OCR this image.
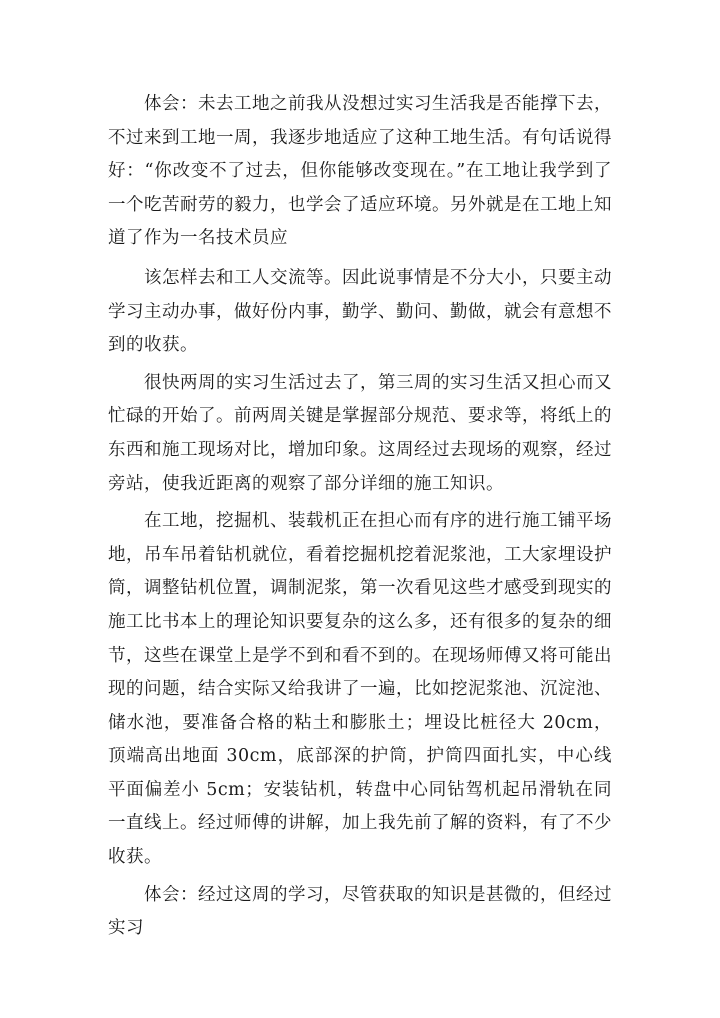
体会：未去工地之前我从没想过实习生活我是否能撑下去，不过来到工地一周，我逐步地适应了这种工地生活。有句话说得好：“你改变不了过去，但你能够改变现在。”在工地让我学到了一个吃苦耐劳的毅力，也学会了适应环境。另外就是在工地上知道了作为一名技术员应

该怎样去和工人交流等。因此说事情是不分大小，只要主动学习主动办事，做好份内事，勤学、勤问、勤做，就会有意想不到的收获。

很快两周的实习生活过去了，第三周的实习生活又担心而又忙碌的开始了。前两周关键是掌握部分规范、要求等，将纸上的东西和施工现场对比，增加印象。这周经过去现场的观察，经过旁站，使我近距离的观察了部分详细的施工知识。

在工地，挖掘机、装载机正在担心而有序的进行施工铺平场地，吊车吊着钻机就位，看着挖掘机挖着泥浆池，工大家埋设护筒，调整钻机位置，调制泥浆，第一次看见这些才感受到现实的施工比书本上的理论知识要复杂的这么多，还有很多的复杂的细节，这些在课堂上是学不到和看不到的。在现场师傅又将可能出现的问题，结合实际又给我讲了一遍，比如挖泥浆池、沉淀池、储水池，要准备合格的粘土和膨胀土；埋设比桩径大 20cm，顶端高出地面 30cm，底部深的护筒，护筒四面扎实，中心线平面偏差小 5cm；安装钻机，转盘中心同钻驾机起吊滑轨在同一直线上。经过师傅的讲解，加上我先前了解的资料，有了不少收获。

体会：经过这周的学习，尽管获取的知识是甚微的，但经过实习
